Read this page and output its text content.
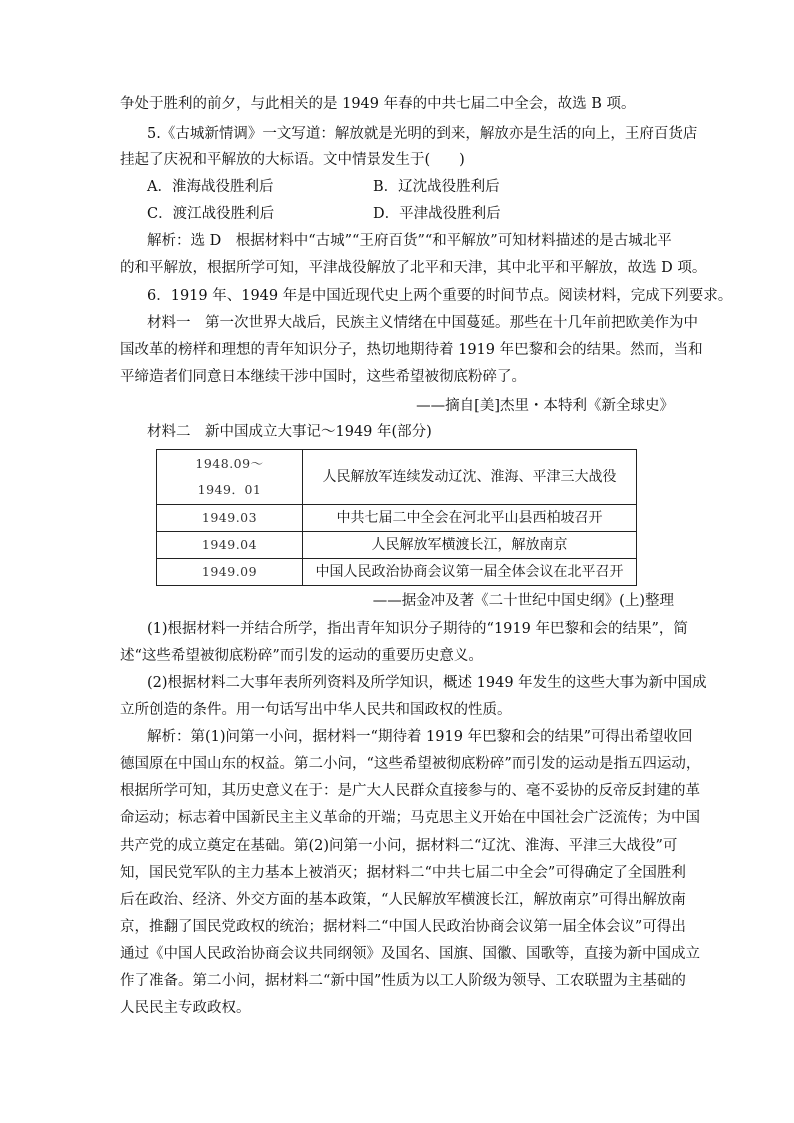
争处于胜利的前夕，与此相关的是 1949 年春的中共七届二中全会，故选 B 项。
5.《古城新情调》一文写道：解放就是光明的到来，解放亦是生活的向上，王府百货店
挂起了庆祝和平解放的大标语。文中情景发生于(　　)
A．淮海战役胜利后	B．辽沈战役胜利后
C．渡江战役胜利后	D．平津战役胜利后
解析：选 D　根据材料中“古城”“王府百货”“和平解放”可知材料描述的是古城北平
的和平解放，根据所学可知，平津战役解放了北平和天津，其中北平和平解放，故选 D 项。
6．1919 年、1949 年是中国近现代史上两个重要的时间节点。阅读材料，完成下列要求。
材料一　第一次世界大战后，民族主义情绪在中国蔓延。那些在十几年前把欧美作为中
国改革的榜样和理想的青年知识分子，热切地期待着 1919 年巴黎和会的结果。然而，当和
平缔造者们同意日本继续干涉中国时，这些希望被彻底粉碎了。
——摘自[美]杰里・本特利《新全球史》
材料二　新中国成立大事记～1949 年(部分)
1948.09～
1949．01	人民解放军连续发动辽沈、淮海、平津三大战役
1949.03	中共七届二中全会在河北平山县西柏坡召开
1949.04	人民解放军横渡长江，解放南京
1949.09	中国人民政治协商会议第一届全体会议在北平召开
——据金冲及著《二十世纪中国史纲》(上)整理
(1)根据材料一并结合所学，指出青年知识分子期待的“1919 年巴黎和会的结果”，简
述“这些希望被彻底粉碎”而引发的运动的重要历史意义。
(2)根据材料二大事年表所列资料及所学知识，概述 1949 年发生的这些大事为新中国成
立所创造的条件。用一句话写出中华人民共和国政权的性质。
解析：第(1)问第一小问，据材料一“期待着 1919 年巴黎和会的结果”可得出希望收回
德国原在中国山东的权益。第二小问，“这些希望被彻底粉碎”而引发的运动是指五四运动，
根据所学可知，其历史意义在于：是广大人民群众直接参与的、毫不妥协的反帝反封建的革
命运动；标志着中国新民主主义革命的开端；马克思主义开始在中国社会广泛流传；为中国
共产党的成立奠定在基础。第(2)问第一小问，据材料二“辽沈、淮海、平津三大战役”可
知，国民党军队的主力基本上被消灭；据材料二“中共七届二中全会”可得确定了全国胜利
后在政治、经济、外交方面的基本政策，“人民解放军横渡长江，解放南京”可得出解放南
京，推翻了国民党政权的统治；据材料二“中国人民政治协商会议第一届全体会议”可得出
通过《中国人民政治协商会议共同纲领》及国名、国旗、国徽、国歌等，直接为新中国成立
作了准备。第二小问，据材料二“新中国”性质为以工人阶级为领导、工农联盟为主基础的
人民民主专政政权。
